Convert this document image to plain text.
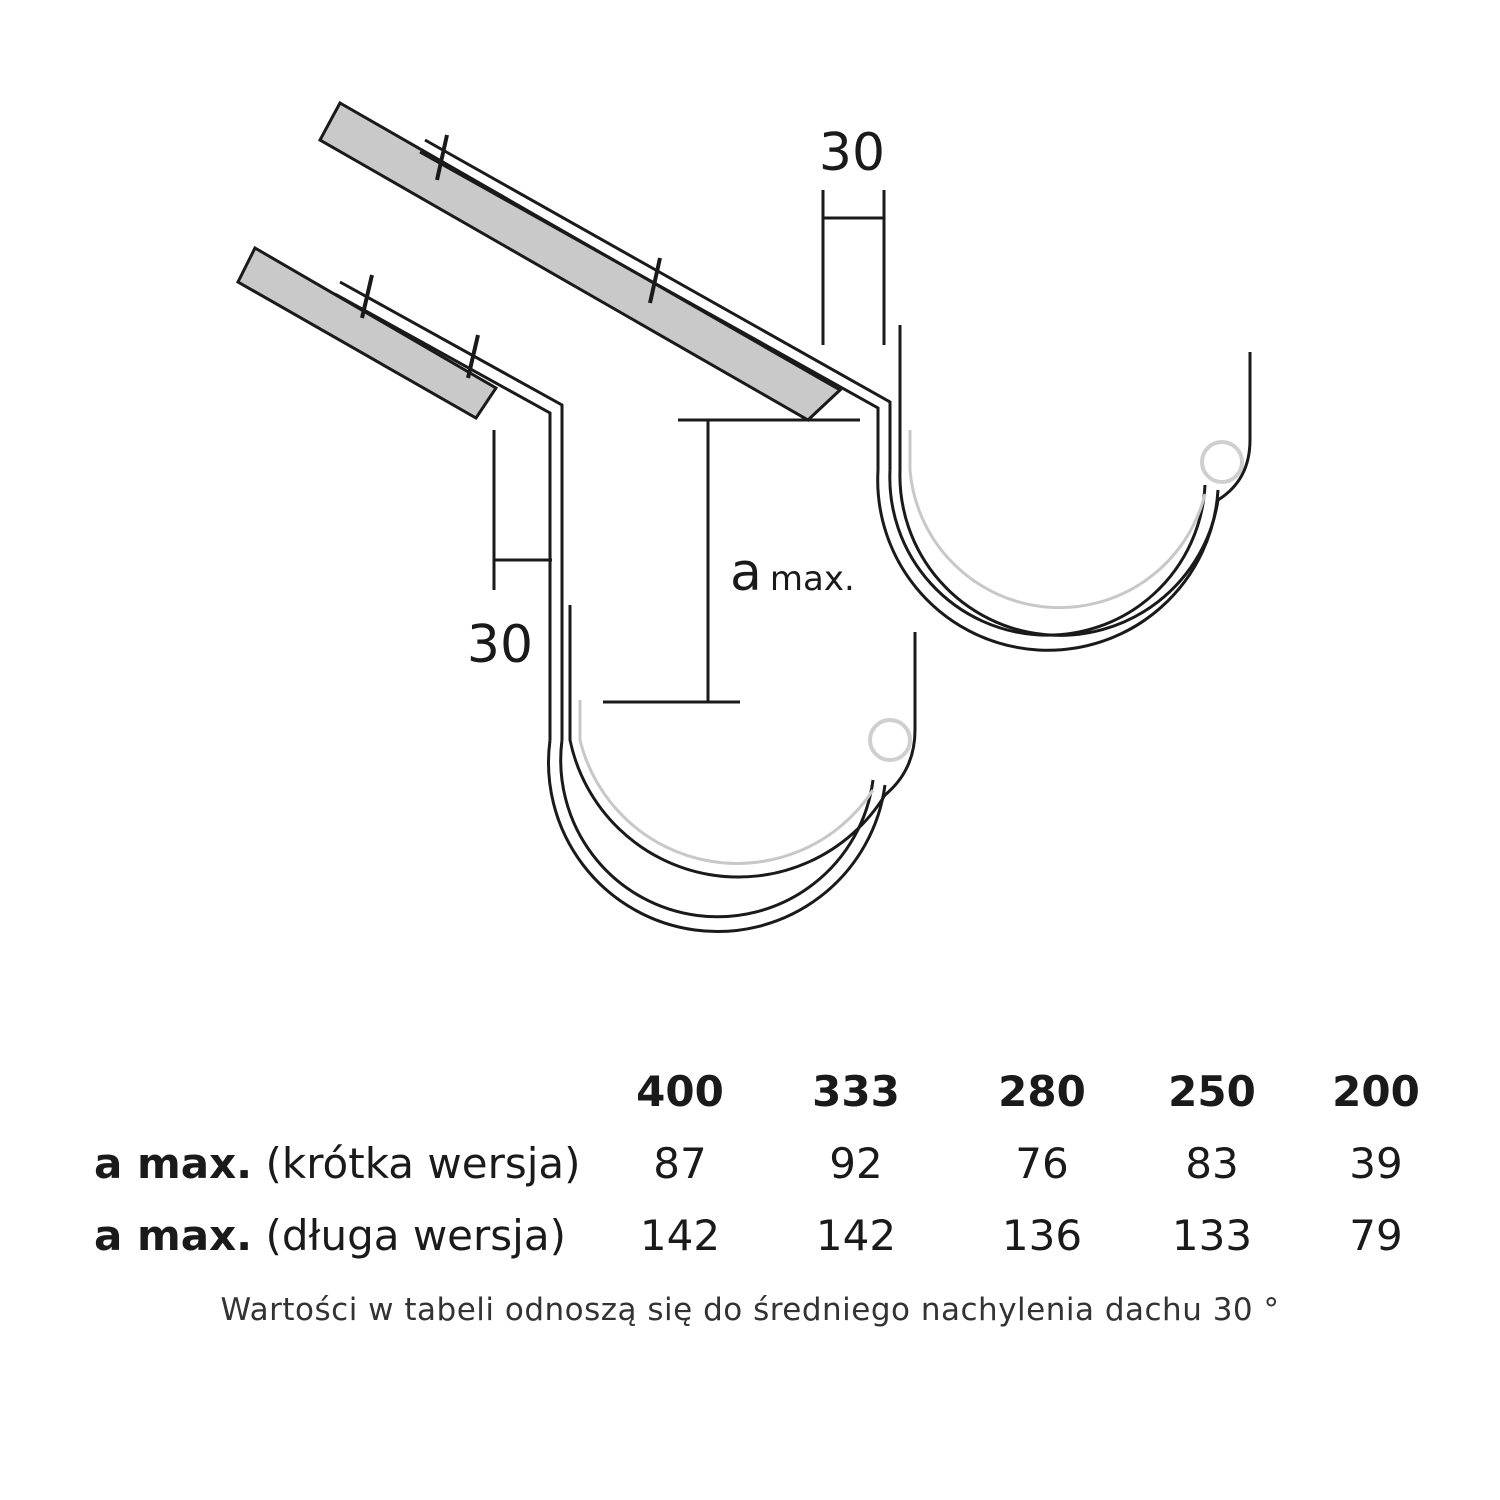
30
30
amax.
	400	333	280	250	200
a max. (krótka wersja)	87	92	76	83	39
a max. (długa wersja)	142	142	136	133	79
Wartości w tabeli odnoszą się do średniego nachylenia dachu 30 °
